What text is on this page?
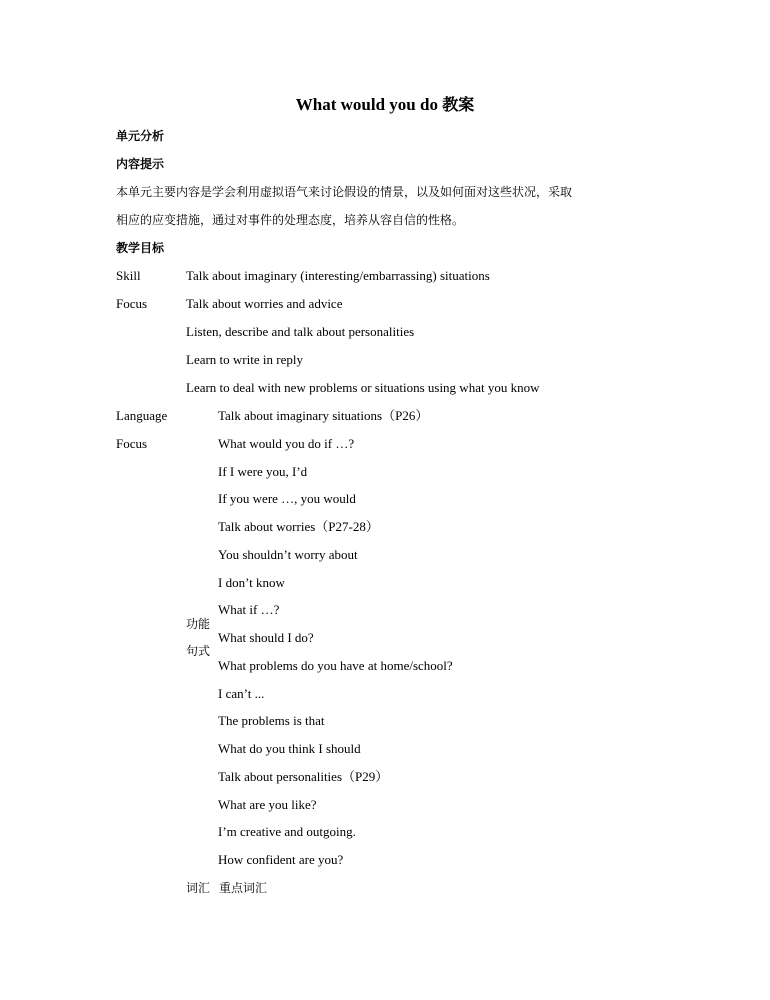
What would you do 教案
单元分析
内容提示
本单元主要内容是学会利用虚拟语气来讨论假设的情景，以及如何面对这些状况，采取
相应的应变措施，通过对事件的处理态度，培养从容自信的性格。
教学目标
Skill
Focus
Talk about imaginary (interesting/embarrassing) situations
Talk about worries and advice
Listen, describe and talk about personalities
Learn to write in reply
Learn to deal with new problems or situations using what you know
Language
Focus
功能
句式
Talk about imaginary situations（P26）
What would you do if …?
If I were you, I’d
If you were …, you would
Talk about worries（P27-28）
You shouldn’t worry about
I don’t know
What if …?
What should I do?
What problems do you have at home/school?
I can’t ...
The problems is that
What do you think I should
Talk about personalities（P29）
What are you like?
I’m creative and outgoing.
How confident are you?
词汇 重点词汇
